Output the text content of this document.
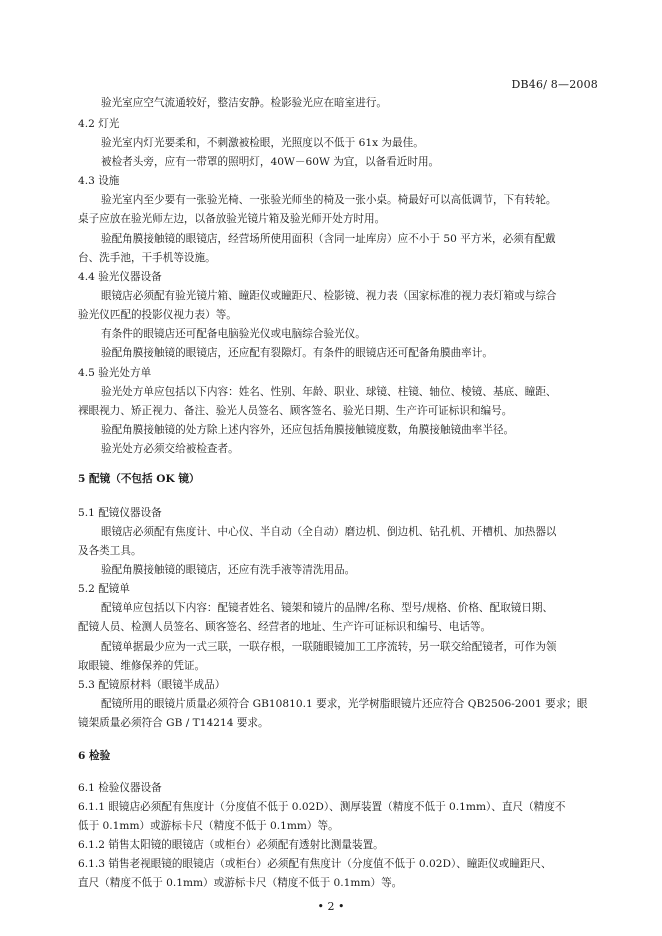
DB46/ 8—2008
验光室应空气流通较好，整洁安静。检影验光应在暗室进行。
4.2 灯光
验光室内灯光要柔和，不刺激被检眼，光照度以不低于 61x 为最佳。
被检者头旁，应有一带罩的照明灯，40W－60W 为宜，以备看近时用。
4.3 设施
验光室内至少要有一张验光椅、一张验光师坐的椅及一张小桌。椅最好可以高低调节，下有转轮。
桌子应放在验光师左边，以备放验光镜片箱及验光师开处方时用。
验配角膜接触镜的眼镜店，经营场所使用面积（含同一址库房）应不小于 50 平方米，必须有配戴
台、洗手池，干手机等设施。
4.4 验光仪器设备
眼镜店必须配有验光镜片箱、瞳距仪或瞳距尺、检影镜、视力表（国家标准的视力表灯箱或与综合
验光仪匹配的投影仪视力表）等。
有条件的眼镜店还可配备电脑验光仪或电脑综合验光仪。
验配角膜接触镜的眼镜店，还应配有裂隙灯。有条件的眼镜店还可配备角膜曲率计。
4.5 验光处方单
验光处方单应包括以下内容：姓名、性别、年龄、职业、球镜、柱镜、轴位、棱镜、基底、瞳距、
裸眼视力、矫正视力、备注、验光人员签名、顾客签名、验光日期、生产许可证标识和编号。
验配角膜接触镜的处方除上述内容外，还应包括角膜接触镜度数，角膜接触镜曲率半径。
验光处方必须交给被检查者。
5 配镜（不包括 OK 镜）
5.1 配镜仪器设备
眼镜店必须配有焦度计、中心仪、半自动（全自动）磨边机、倒边机、钻孔机、开槽机、加热器以
及各类工具。
验配角膜接触镜的眼镜店，还应有洗手液等清洗用品。
5.2 配镜单
配镜单应包括以下内容：配镜者姓名、镜架和镜片的品牌/名称、型号/规格、价格、配取镜日期、
配镜人员、检测人员签名、顾客签名、经营者的地址、生产许可证标识和编号、电话等。
配镜单据最少应为一式三联，一联存根，一联随眼镜加工工序流转，另一联交给配镜者，可作为领
取眼镜、维修保养的凭证。
5.3 配镜原材料（眼镜半成品）
配镜所用的眼镜片质量必须符合 GB10810.1 要求，光学树脂眼镜片还应符合 QB2506-2001 要求；眼
镜架质量必须符合 GB / T14214 要求。
6 检验
6.1 检验仪器设备
6.1.1 眼镜店必须配有焦度计（分度值不低于 0.02D）、测厚装置（精度不低于 0.1mm）、直尺（精度不
低于 0.1mm）或游标卡尺（精度不低于 0.1mm）等。
6.1.2 销售太阳镜的眼镜店（或柜台）必须配有透射比测量装置。
6.1.3 销售老视眼镜的眼镜店（或柜台）必须配有焦度计（分度值不低于 0.02D）、瞳距仪或瞳距尺、
直尺（精度不低于 0.1mm）或游标卡尺（精度不低于 0.1mm）等。
• 2 •
